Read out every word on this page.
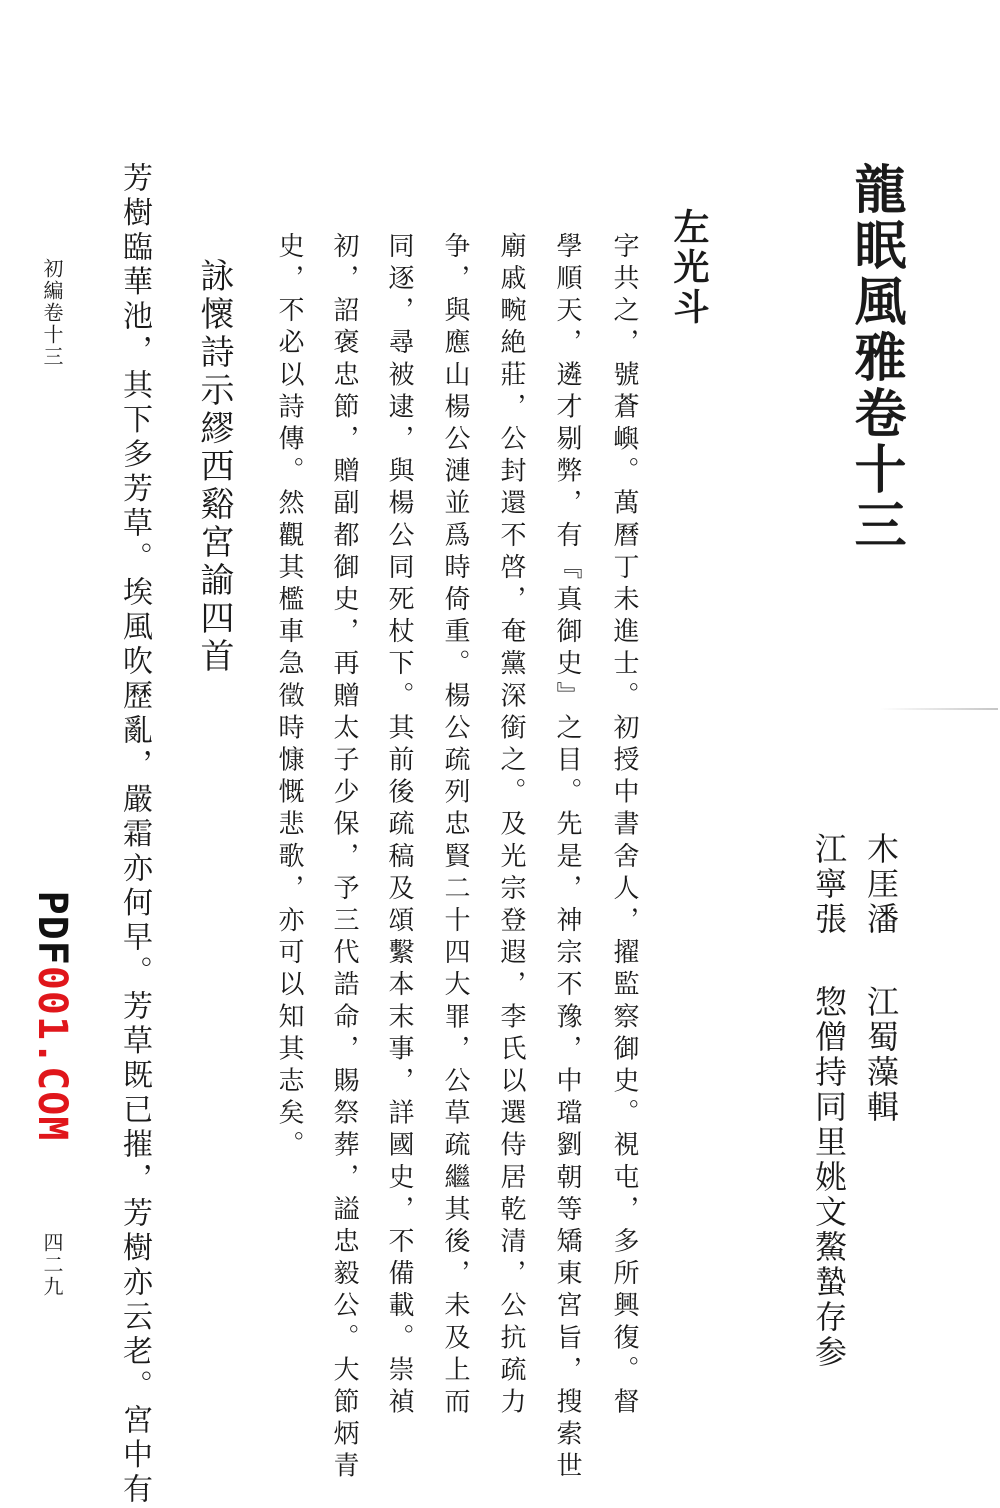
龍眠風雅卷十三
木厓潘
江蜀藻輯
江寧張
惣僧持同里姚文鰲蟄存参
左光斗
字共之，號蒼嶼。萬曆丁未進士。初授中書舍人，擢監察御史。視屯，多所興復。督
學順天，遴才剔弊，有『真御史』之目。先是，神宗不豫，中璫劉朝等矯東宮旨，搜索世
廟戚畹絶莊，公封還不啓，奄黨深銜之。及光宗登遐，李氏以選侍居乾清，公抗疏力
争，與應山楊公漣並爲時倚重。楊公疏列忠賢二十四大罪，公草疏繼其後，未及上而
同逐，尋被逮，與楊公同死杖下。其前後疏稿及頌繫本末事，詳國史，不備載。崇禎
初，詔褒忠節，贈副都御史，再贈太子少保，予三代誥命，賜祭葬，謚忠毅公。大節炳青
史，不必以詩傳。然觀其檻車急徵時慷慨悲歌，亦可以知其志矣。
詠懷詩示繆西谿宮諭四首
芳樹臨華池，其下多芳草。埃風吹歷亂，嚴霜亦何早。芳草既已摧，芳樹亦云老。宮中有
初編卷十三
四二九
PDF001.COM
